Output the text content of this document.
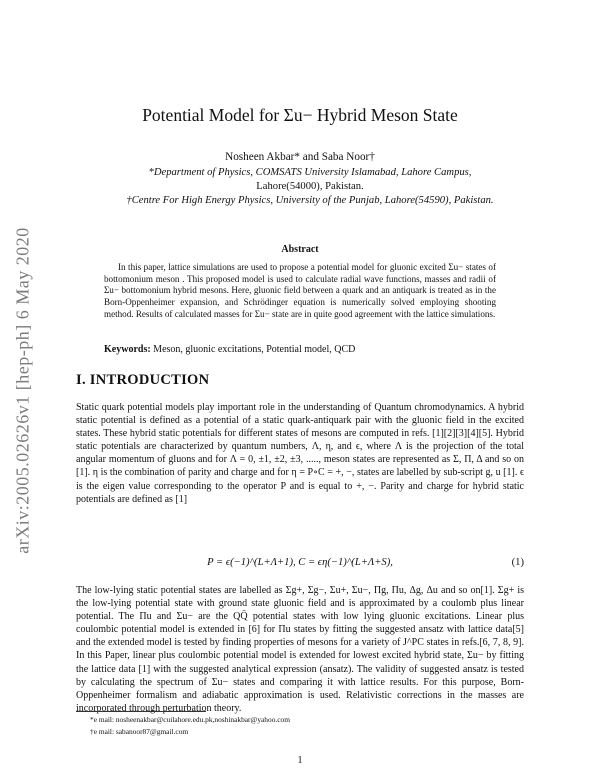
arXiv:2005.02626v1 [hep-ph] 6 May 2020
Potential Model for Σu− Hybrid Meson State
Nosheen Akbar* and Saba Noor†
*Department of Physics, COMSATS University Islamabad, Lahore Campus,
Lahore(54000), Pakistan.
†Centre For High Energy Physics, University of the Punjab, Lahore(54590), Pakistan.
Abstract
In this paper, lattice simulations are used to propose a potential model for gluonic excited Σu− states of bottomonium meson . This proposed model is used to calculate radial wave functions, masses and radii of Σu− bottomonium hybrid mesons. Here, gluonic field between a quark and an antiquark is treated as in the Born-Oppenheimer expansion, and Schrödinger equation is numerically solved employing shooting method. Results of calculated masses for Σu− state are in quite good agreement with the lattice simulations.
Keywords: Meson, gluonic excitations, Potential model, QCD
I. INTRODUCTION
Static quark potential models play important role in the understanding of Quantum chromodynamics. A hybrid static potential is defined as a potential of a static quark-antiquark pair with the gluonic field in the excited states. These hybrid static potentials for different states of mesons are computed in refs. [1][2][3][4][5]. Hybrid static potentials are characterized by quantum numbers, Λ, η, and ϵ, where Λ is the projection of the total angular momentum of gluons and for Λ = 0, ±1, ±2, ±3, ....., meson states are represented as Σ, Π, Δ and so on [1]. η is the combination of parity and charge and for η = P∘C = +, −, states are labelled by sub-script g, u [1]. ϵ is the eigen value corresponding to the operator P and is equal to +, −. Parity and charge for hybrid static potentials are defined as [1]
P = ϵ(−1)^(L+Λ+1), C = ϵη(−1)^(L+Λ+S),	(1)
The low-lying static potential states are labelled as Σg+, Σg−, Σu+, Σu−, Πg, Πu, Δg, Δu and so on[1]. Σg+ is the low-lying potential state with ground state gluonic field and is approximated by a coulomb plus linear potential. The Πu and Σu− are the QQ̄ potential states with low lying gluonic excitations. Linear plus coulombic potential model is extended in [6] for Πu states by fitting the suggested ansatz with lattice data[5] and the extended model is tested by finding properties of mesons for a variety of J^PC states in refs.[6, 7, 8, 9]. In this Paper, linear plus coulombic potential model is extended for lowest excited hybrid state, Σu− by fitting the lattice data [1] with the suggested analytical expression (ansatz). The validity of suggested ansatz is tested by calculating the spectrum of Σu− states and comparing it with lattice results. For this purpose, Born-Oppenheimer formalism and adiabatic approximation is used. Relativistic corrections in the masses are incorporated through perturbation theory.
*e mail: nosheenakbar@cuilahore.edu.pk,noshinakbar@yahoo.com
†e mail: sabanoor87@gmail.com
1
